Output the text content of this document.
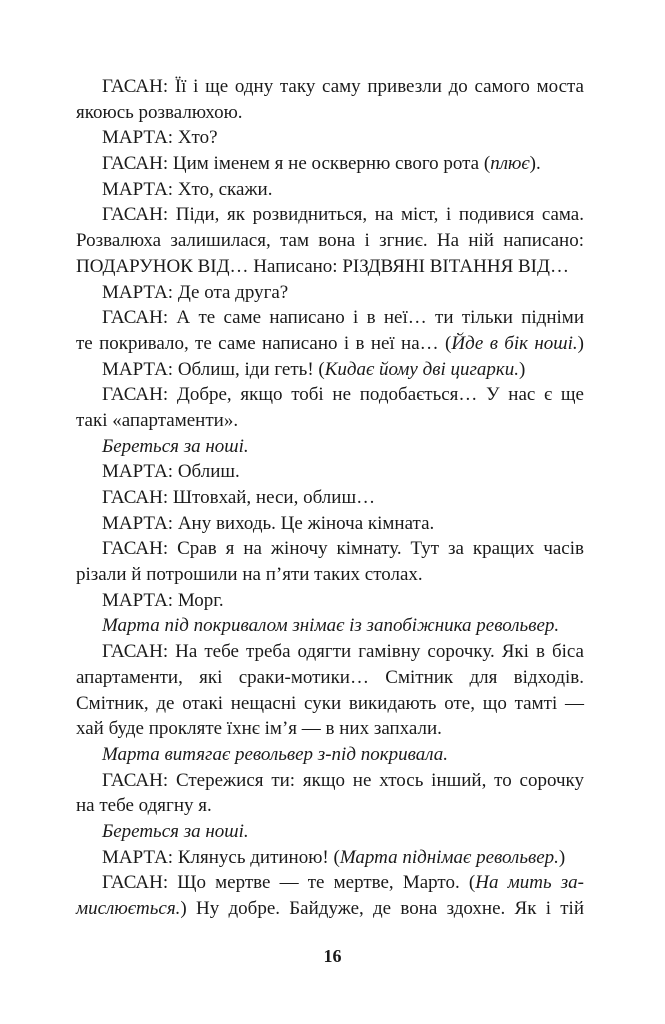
ГАСАН: Її і ще одну таку саму привезли до самого моста
якоюсь розвалюхою.
МАРТА: Хто?
ГАСАН: Цим іменем я не оскверню свого рота (плює).
МАРТА: Хто, скажи.
ГАСАН: Піди, як розвидниться, на міст, і подивися сама.
Розвалюха залишилася, там вона і згниє. На ній написано:
ПОДАРУНОК ВІД… Написано: РІЗДВЯНІ ВІТАННЯ ВІД…
МАРТА: Де ота друга?
ГАСАН: А те саме написано і в неї… ти тільки підніми
те покривало, те саме написано і в неї на… (Йде в бік ноші.)
МАРТА: Облиш, іди геть! (Кидає йому дві цигарки.)
ГАСАН: Добре, якщо тобі не подобається… У нас є ще
такі «апартаменти».
Береться за ноші.
МАРТА: Облиш.
ГАСАН: Штовхай, неси, облиш…
МАРТА: Ану виходь. Це жіноча кімната.
ГАСАН: Срав я на жіночу кімнату. Тут за кращих часів
різали й потрошили на п’яти таких столах.
МАРТА: Морг.
Марта під покривалом знімає із запобіжника револьвер.
ГАСАН: На тебе треба одягти гамівну сорочку. Які в біса
апартаменти, які сраки-мотики… Смітник для відходів.
Смітник, де отакі нещасні суки викидають оте, що тамті —
хай буде прокляте їхнє ім’я — в них запхали.
Марта витягає револьвер з-під покривала.
ГАСАН: Стережися ти: якщо не хтось інший, то сорочку
на тебе одягну я.
Береться за ноші.
МАРТА: Клянусь дитиною! (Марта піднімає револьвер.)
ГАСАН: Що мертве — те мертве, Марто. (На мить за-
мислюється.) Ну добре. Байдуже, де вона здохне. Як і тій
16
